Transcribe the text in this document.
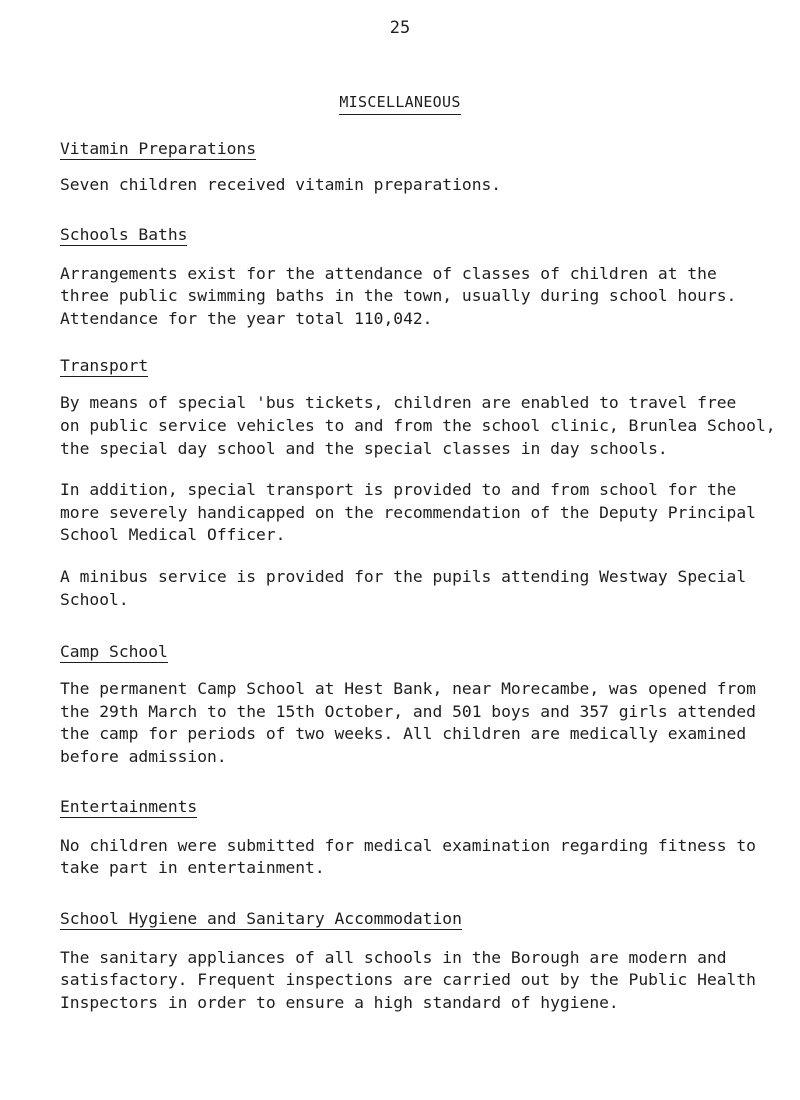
25
MISCELLANEOUS
Vitamin Preparations

Seven children received vitamin preparations.

Schools Baths

Arrangements exist for the attendance of classes of children at the
three public swimming baths in the town, usually during school hours.
Attendance for the year total 110,042.

Transport

By means of special 'bus tickets, children are enabled to travel free
on public service vehicles to and from the school clinic, Brunlea School,
the special day school and the special classes in day schools.

In addition, special transport is provided to and from school for the
more severely handicapped on the recommendation of the Deputy Principal
School Medical Officer.

A minibus service is provided for the pupils attending Westway Special
School.

Camp School

The permanent Camp School at Hest Bank, near Morecambe, was opened from
the 29th March to the 15th October, and 501 boys and 357 girls attended
the camp for periods of two weeks. All children are medically examined
before admission.

Entertainments

No children were submitted for medical examination regarding fitness to
take part in entertainment.

School Hygiene and Sanitary Accommodation

The sanitary appliances of all schools in the Borough are modern and
satisfactory. Frequent inspections are carried out by the Public Health
Inspectors in order to ensure a high standard of hygiene.
